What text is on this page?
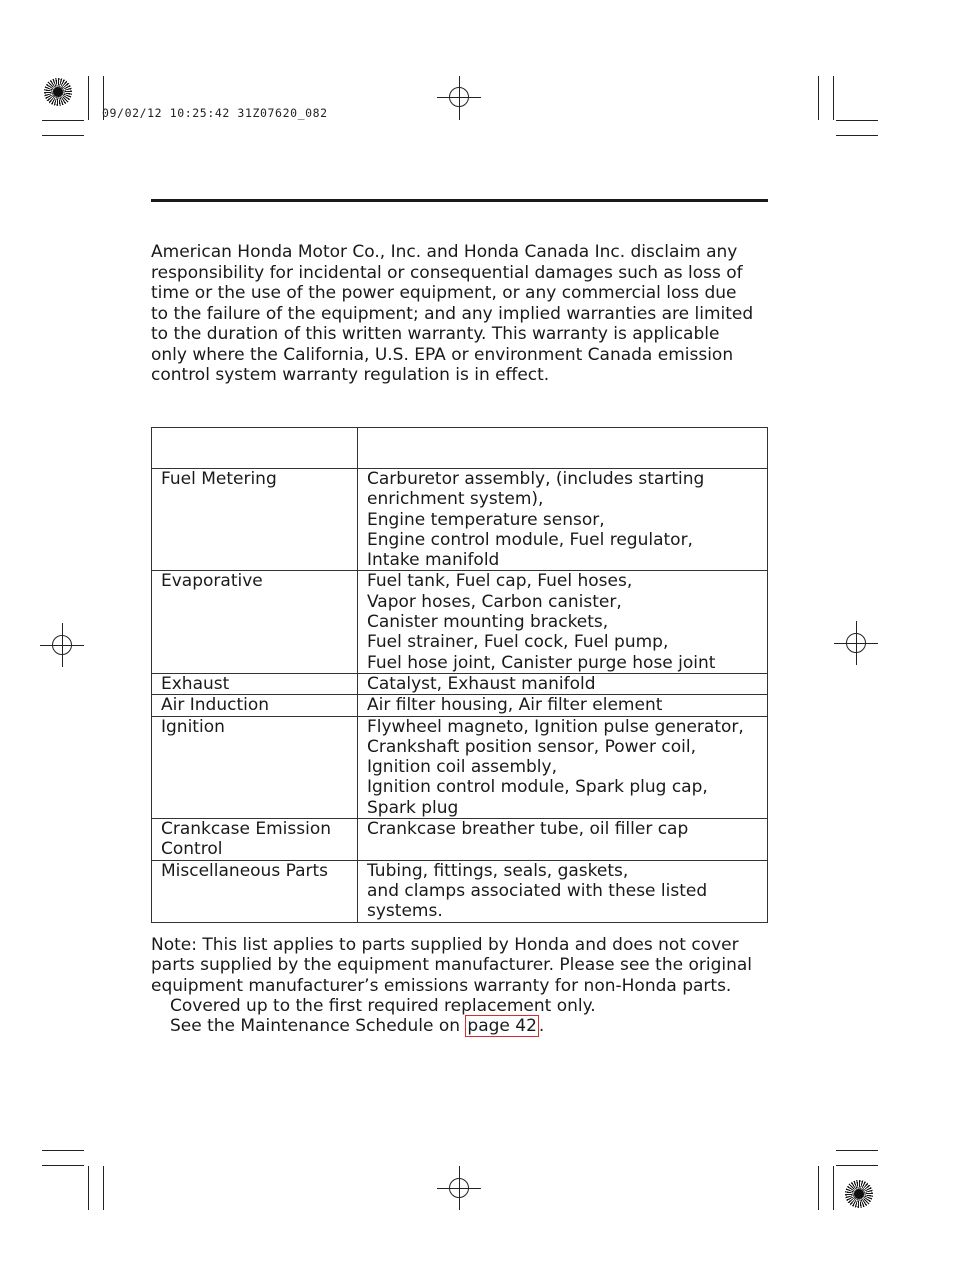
09/02/12 10:25:42 31Z07620_082
American Honda Motor Co., Inc. and Honda Canada Inc. disclaim any
responsibility for incidental or consequential damages such as loss of
time or the use of the power equipment, or any commercial loss due
to the failure of the equipment; and any implied warranties are limited
to the duration of this written warranty. This warranty is applicable
only where the California, U.S. EPA or environment Canada emission
control system warranty regulation is in effect.

Fuel Metering	Carburetor assembly, (includes starting
enrichment system),
Engine temperature sensor,
Engine control module, Fuel regulator,
Intake manifold

Evaporative	Fuel tank, Fuel cap, Fuel hoses,
Vapor hoses, Carbon canister,
Canister mounting brackets,
Fuel strainer, Fuel cock, Fuel pump,
Fuel hose joint, Canister purge hose joint

Exhaust	Catalyst, Exhaust manifold

Air Induction	Air filter housing, Air filter element

Ignition	Flywheel magneto, Ignition pulse generator,
Crankshaft position sensor, Power coil,
Ignition coil assembly,
Ignition control module, Spark plug cap,
Spark plug

Crankcase Emission
Control	Crankcase breather tube, oil filler cap

Miscellaneous Parts	Tubing, fittings, seals, gaskets,
and clamps associated with these listed
systems.
Note: This list applies to parts supplied by Honda and does not cover
parts supplied by the equipment manufacturer. Please see the original
equipment manufacturer’s emissions warranty for non-Honda parts.
Covered up to the first required replacement only.
See the Maintenance Schedule on page 42 .
